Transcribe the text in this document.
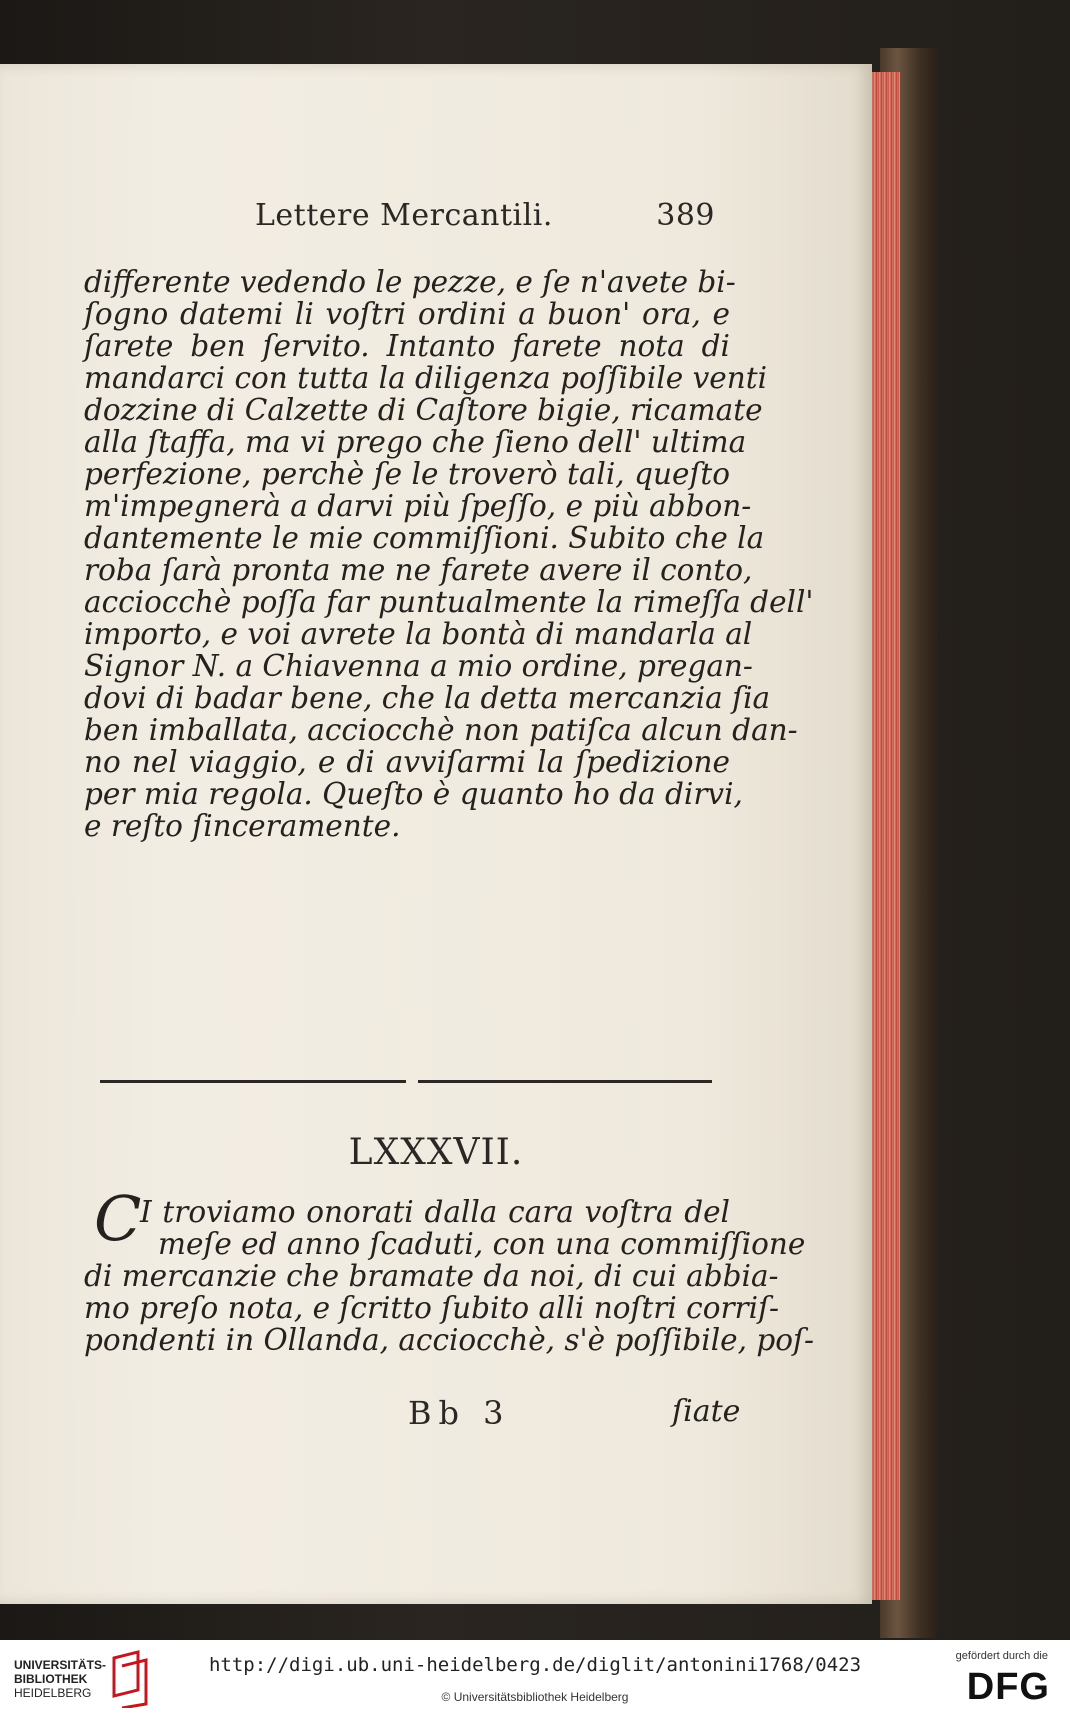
Lettere Mercantili.	389
differente vedendo le pezze, e ſe n'avete bi-
ſogno datemi li voſtri ordini a buon' ora, e
ſarete ben ſervito. Intanto farete nota di
mandarci con tutta la diligenza poſſibile venti
dozzine di Calzette di Caſtore bigie, ricamate
alla ſtaffa, ma vi prego che ſieno dell' ultima
perfezione, perchè ſe le troverò tali, queſto
m'impegnerà a darvi più ſpeſſo, e più abbon-
dantemente le mie commiſſioni. Subito che la
roba ſarà pronta me ne farete avere il conto,
acciocchè poſſa far puntualmente la rimeſſa dell'
importo, e voi avrete la bontà di mandarla al
Signor N. a Chiavenna a mio ordine, pregan-
dovi di badar bene, che la detta mercanzia ſia
ben imballata, acciocchè non patiſca alcun dan-
no nel viaggio, e di avviſarmi la ſpedizione
per mia regola. Queſto è quanto ho da dirvi,
e reſto ſinceramente.
LXXXVII.
C
I troviamo onorati dalla cara voſtra del
meſe ed anno ſcaduti, con una commiſſione
di mercanzie che bramate da noi, di cui abbia-
mo preſo nota, e ſcritto ſubito alli noſtri corriſ-
pondenti in Ollanda, acciocchè, s'è poſſibile, poſ-
Bb 3	ſiate
UNIVERSITÄTS-
BIBLIOTHEK
HEIDELBERG
http://digi.ub.uni-heidelberg.de/diglit/antonini1768/0423
© Universitätsbibliothek Heidelberg
gefördert durch die
DFG
